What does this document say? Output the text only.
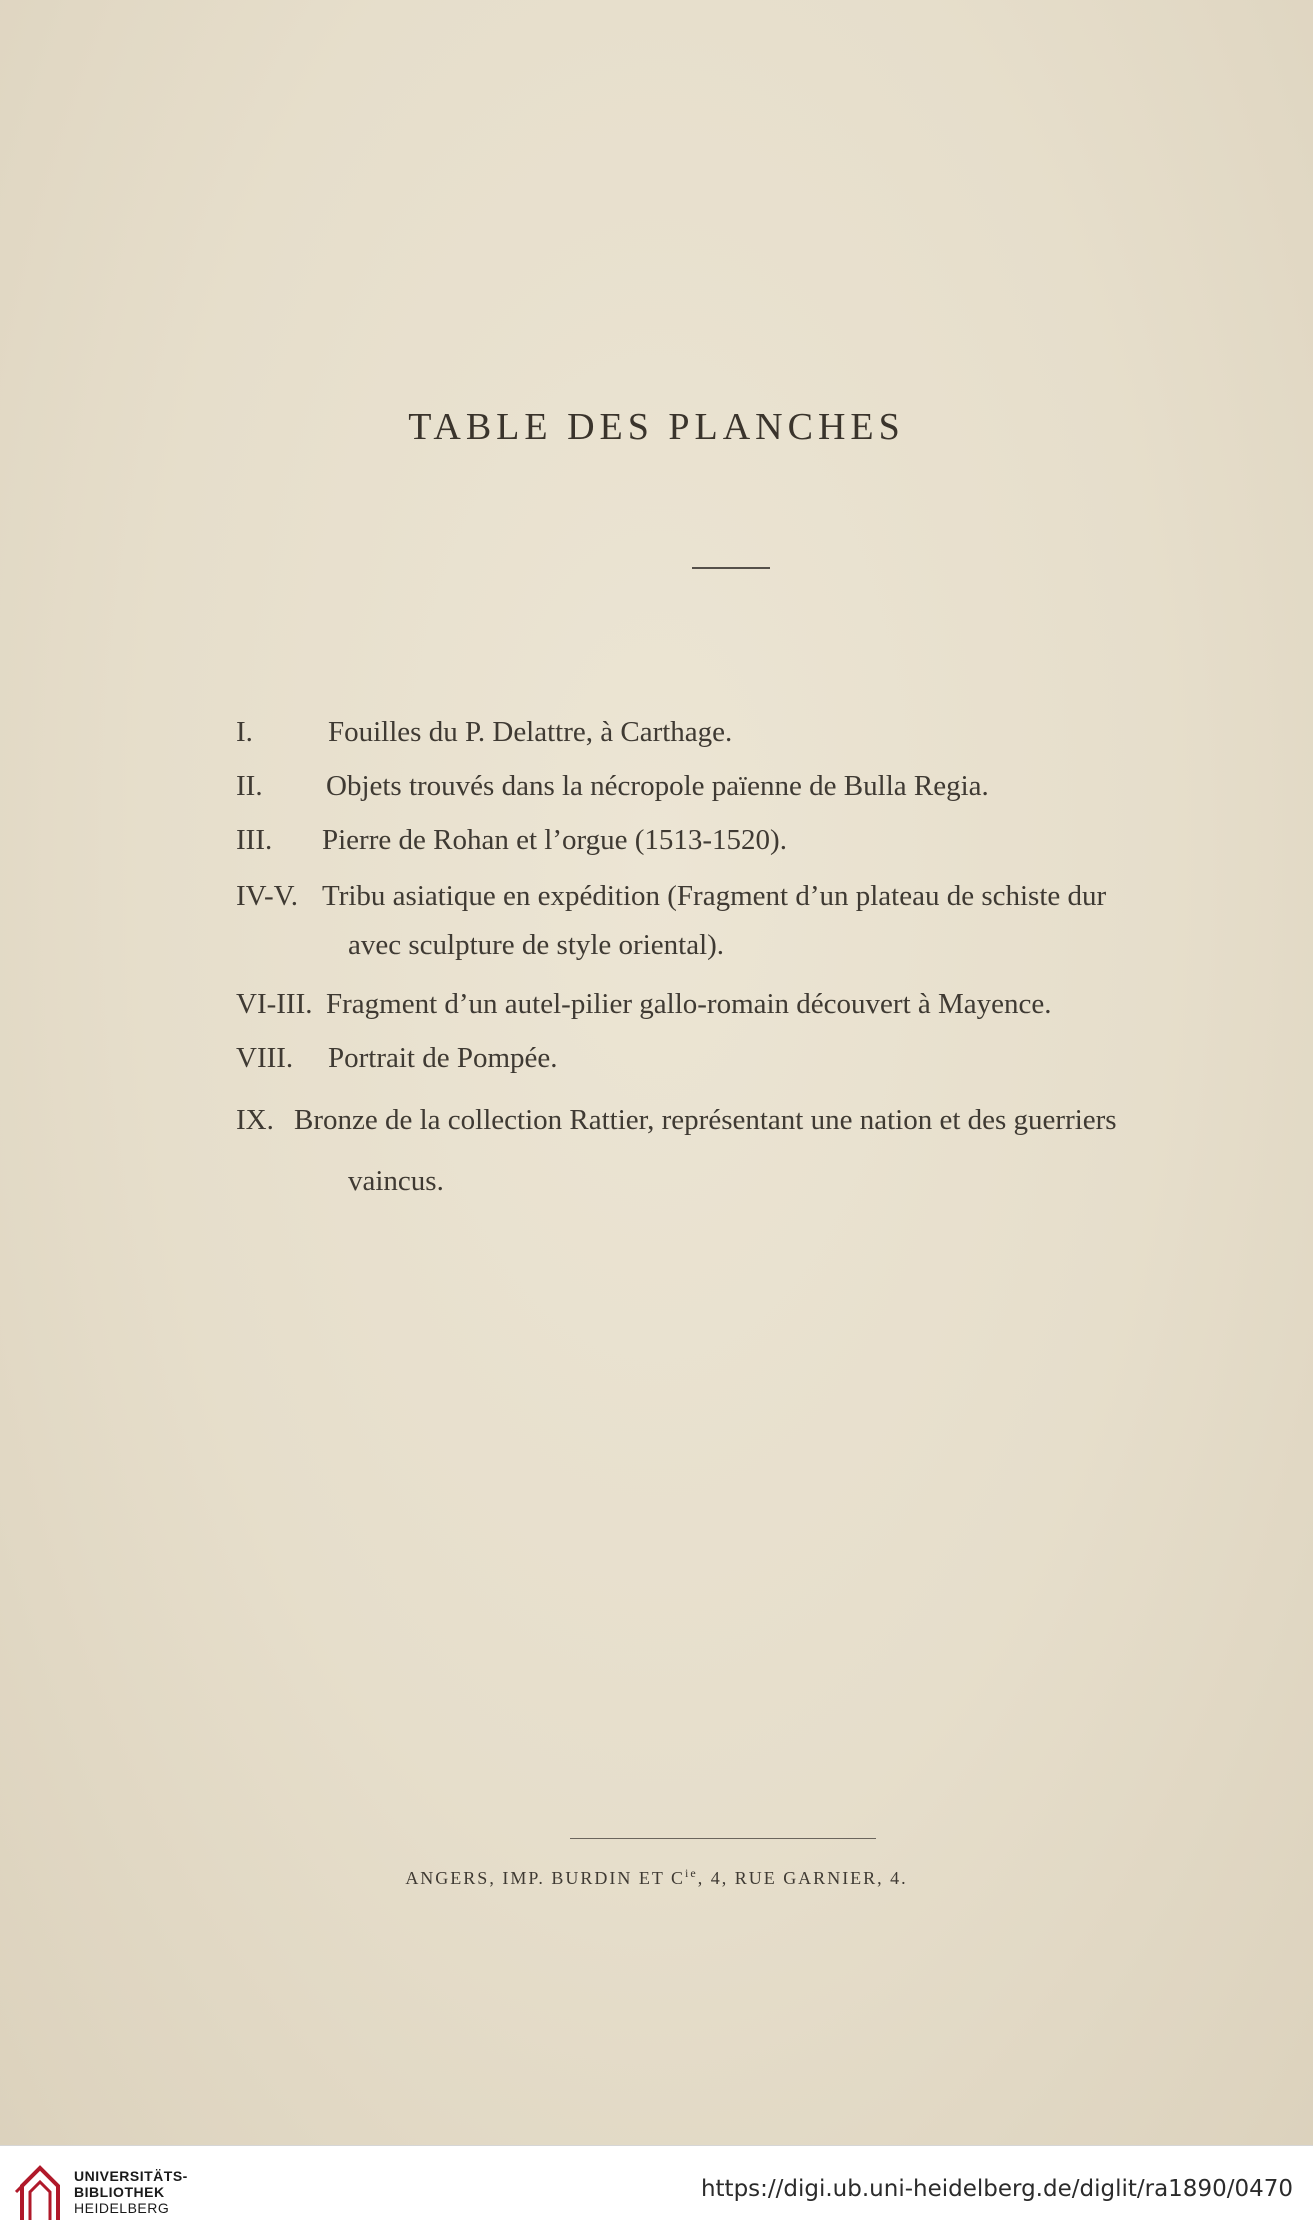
TABLE DES PLANCHES
I.	Fouilles du P. Delattre, à Carthage.
II.	Objets trouvés dans la nécropole païenne de Bulla Regia.
III.	Pierre de Rohan et l’orgue (1513-1520).
IV-V. Tribu asiatique en expédition (Fragment d’un plateau de schiste dur
avec sculpture de style oriental).
VI-III. Fragment d’un autel-pilier gallo-romain découvert à Mayence.
VIII.	Portrait de Pompée.
IX. Bronze de la collection Rattier, représentant une nation et des guerriers
vaincus.
ANGERS, IMP. BURDIN ET $C^{ie}$, 4, RUE GARNIER, 4.
UNIVERSITÄTS-
BIBLIOTHEK
HEIDELBERG
https://digi.ub.uni-heidelberg.de/diglit/ra1890/0470
